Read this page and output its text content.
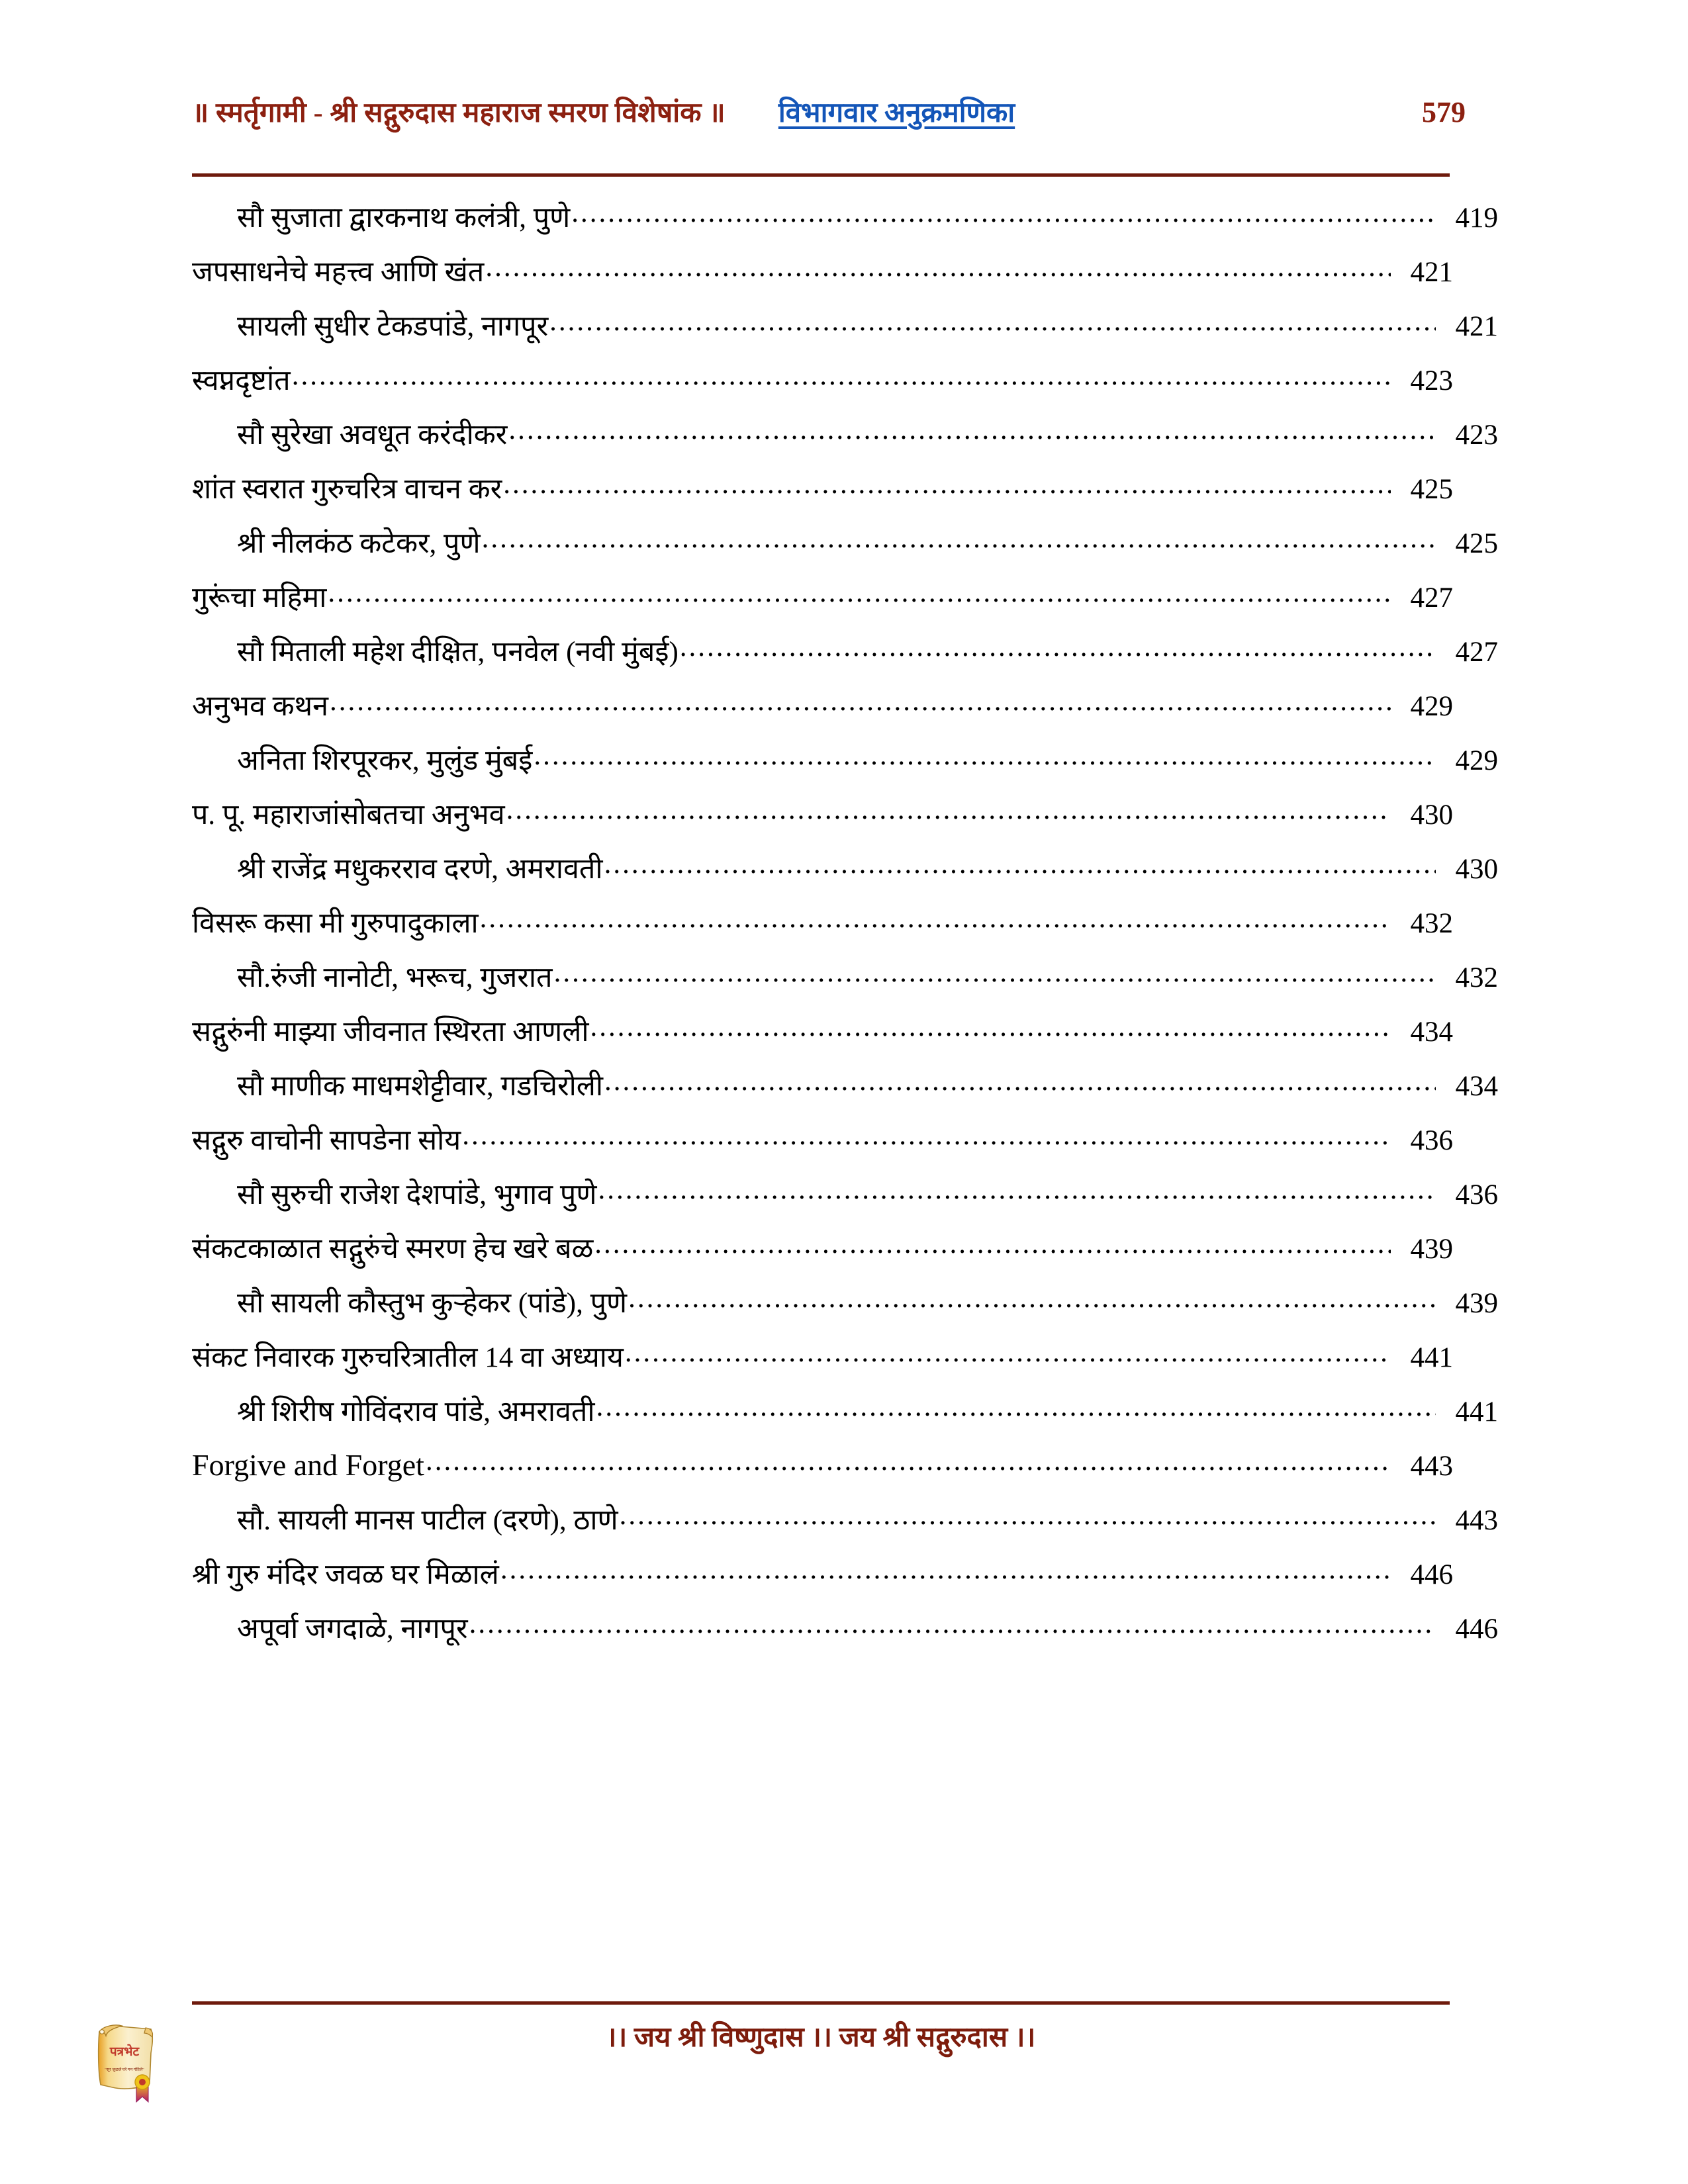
॥ स्मर्तृगामी - श्री सद्गुरुदास महाराज स्मरण विशेषांक ॥ विभागवार अनुक्रमणिका	579
सौ सुजाता द्वारकनाथ कलंत्री, पुणे .....	419
जपसाधनेचे महत्त्व आणि खंत .....	421
सायली सुधीर टेकडपांडे, नागपूर .....	421
स्वप्नदृष्टांत .....	423
सौ सुरेखा अवधूत करंदीकर .....	423
शांत स्वरात गुरुचरित्र वाचन कर .....	425
श्री नीलकंठ कटेकर, पुणे .....	425
गुरूंचा महिमा .....	427
सौ मिताली महेश दीक्षित, पनवेल (नवी मुंबई) .....	427
अनुभव कथन .....	429
अनिता शिरपूरकर, मुलुंड मुंबई .....	429
प. पू. महाराजांसोबतचा अनुभव .....	430
श्री राजेंद्र मधुकरराव दरणे, अमरावती .....	430
विसरू कसा मी गुरुपादुकाला .....	432
सौ.रुंजी नानोटी, भरूच, गुजरात .....	432
सद्गुरुंनी माझ्या जीवनात स्थिरता आणली .....	434
सौ माणीक माधमशेट्टीवार, गडचिरोली .....	434
सद्गुरु वाचोनी सापडेना सोय .....	436
सौ सुरुची राजेश देशपांडे, भुगाव पुणे .....	436
संकटकाळात सद्गुरुंचे स्मरण हेच खरे बळ .....	439
सौ सायली कौस्तुभ कुऱ्हेकर (पांडे), पुणे .....	439
संकट निवारक गुरुचरित्रातील 14 वा अध्याय .....	441
श्री शिरीष गोविंदराव पांडे, अमरावती .....	441
Forgive and Forget .....	443
सौ. सायली मानस पाटील (दरणे), ठाणे .....	443
श्री गुरु मंदिर जवळ घर मिळालं .....	446
अपूर्वा जगदाळे, नागपूर .....	446
।। जय श्री विष्णुदास ।। जय श्री सद्गुरुदास ।।
पत्रभेट
"सूर जुळले घरे मन गंतिले"
